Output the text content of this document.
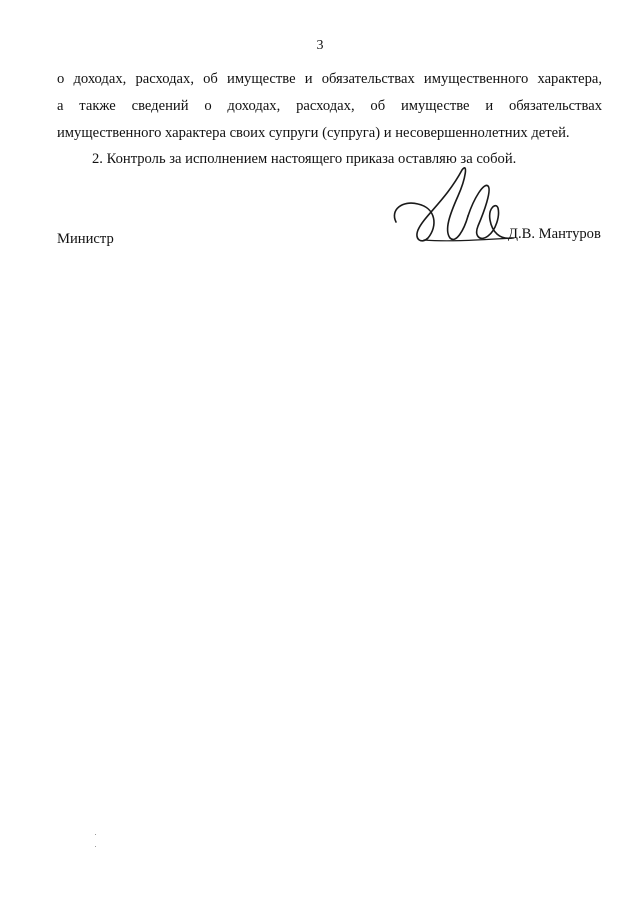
3
о доходах, расходах, об имуществе и обязательствах имущественного характера,
а также сведений о доходах, расходах, об имуществе и обязательствах
имущественного характера своих супруги (супруга) и несовершеннолетних детей.
2. Контроль за исполнением настоящего приказа оставляю за собой.
Министр	Д.В. Мантуров
